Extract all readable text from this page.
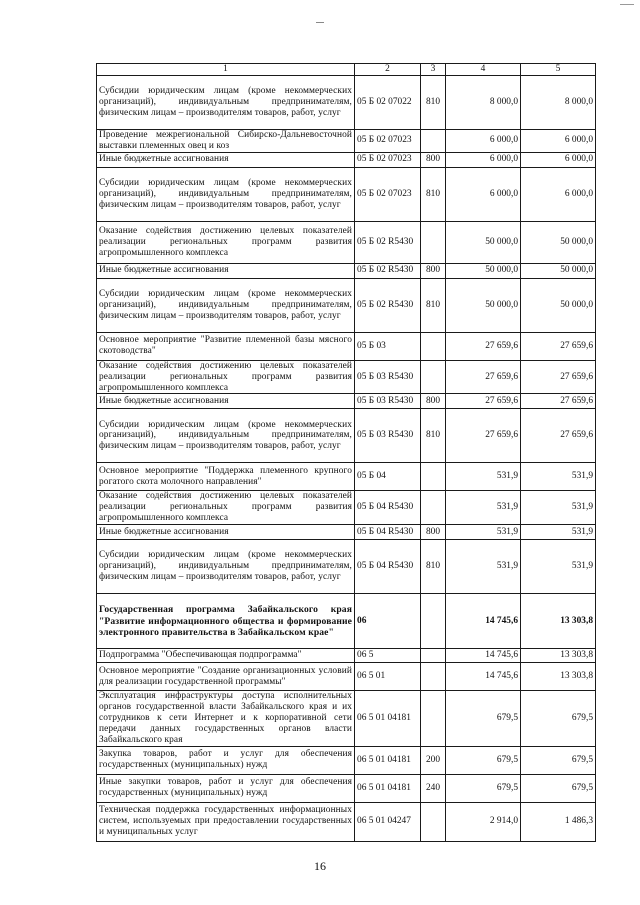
1	2	3	4	5
Субсидии юридическим лицам (кроме некоммерческих организаций), индивидуальным предпринимателям, физическим лицам – производителям товаров, работ, услуг	05 Б 02 07022	810	8 000,0	8 000,0
Проведение межрегиональной Сибирско-Дальневосточной выставки племенных овец и коз	05 Б 02 07023		6 000,0	6 000,0
Иные бюджетные ассигнования	05 Б 02 07023	800	6 000,0	6 000,0
Субсидии юридическим лицам (кроме некоммерческих организаций), индивидуальным предпринимателям, физическим лицам – производителям товаров, работ, услуг	05 Б 02 07023	810	6 000,0	6 000,0
Оказание содействия достижению целевых показателей реализации региональных программ развития агропромышленного комплекса	05 Б 02 R5430		50 000,0	50 000,0
Иные бюджетные ассигнования	05 Б 02 R5430	800	50 000,0	50 000,0
Субсидии юридическим лицам (кроме некоммерческих организаций), индивидуальным предпринимателям, физическим лицам – производителям товаров, работ, услуг	05 Б 02 R5430	810	50 000,0	50 000,0
Основное мероприятие "Развитие племенной базы мясного скотоводства"	05 Б 03		27 659,6	27 659,6
Оказание содействия достижению целевых показателей реализации региональных программ развития агропромышленного комплекса	05 Б 03 R5430		27 659,6	27 659,6
Иные бюджетные ассигнования	05 Б 03 R5430	800	27 659,6	27 659,6
Субсидии юридическим лицам (кроме некоммерческих организаций), индивидуальным предпринимателям, физическим лицам – производителям товаров, работ, услуг	05 Б 03 R5430	810	27 659,6	27 659,6
Основное мероприятие "Поддержка племенного крупного рогатого скота молочного направления"	05 Б 04		531,9	531,9
Оказание содействия достижению целевых показателей реализации региональных программ развития агропромышленного комплекса	05 Б 04 R5430		531,9	531,9
Иные бюджетные ассигнования	05 Б 04 R5430	800	531,9	531,9
Субсидии юридическим лицам (кроме некоммерческих организаций), индивидуальным предпринимателям, физическим лицам – производителям товаров, работ, услуг	05 Б 04 R5430	810	531,9	531,9
Государственная программа Забайкальского края "Развитие информационного общества и формирование электронного правительства в Забайкальском крае"	06		14 745,6	13 303,8
Подпрограмма "Обеспечивающая подпрограмма"	06 5		14 745,6	13 303,8
Основное мероприятие "Создание организационных условий для реализации государственной программы"	06 5 01		14 745,6	13 303,8
Эксплуатация инфраструктуры доступа исполнительных органов государственной власти Забайкальского края и их сотрудников к сети Интернет и к корпоративной сети передачи данных государственных органов власти Забайкальского края	06 5 01 04181		679,5	679,5
Закупка товаров, работ и услуг для обеспечения государственных (муниципальных) нужд	06 5 01 04181	200	679,5	679,5
Иные закупки товаров, работ и услуг для обеспечения государственных (муниципальных) нужд	06 5 01 04181	240	679,5	679,5
Техническая поддержка государственных информационных систем, используемых при предоставлении государственных и муниципальных услуг	06 5 01 04247		2 914,0	1 486,3
16
